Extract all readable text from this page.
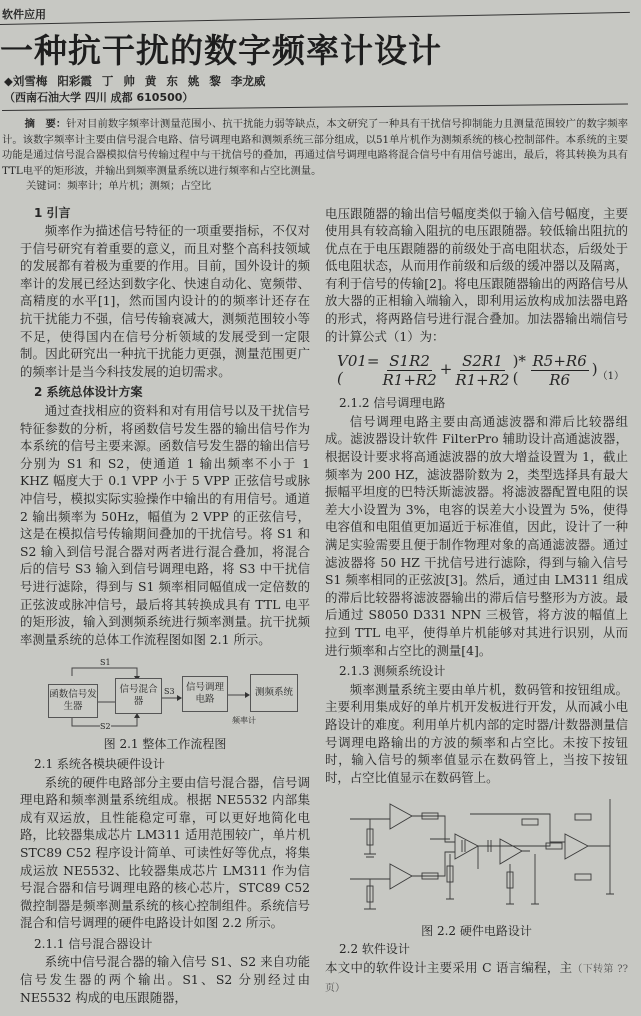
软件应用
一种抗干扰的数字频率计设计
◆刘雪梅 阳彩霞 丁 帅 黄 东 姚 黎 李龙威
（西南石油大学 四川 成都 610500）
摘　要：针对目前数字频率计测量范围小、抗干扰能力弱等缺点，本文研究了一种具有干扰信号抑制能力且测量范围较广的数字频率计。该数字频率计主要由信号混合电路、信号调理电路和测频系统三部分组成，以51单片机作为测频系统的核心控制部件。本系统的主要功能是通过信号混合器模拟信号传输过程中与干扰信号的叠加，再通过信号调理电路将混合信号中有用信号滤出，最后，将其转换为具有TTL电平的矩形波，并输出到频率测量系统以进行频率和占空比测量。
关键词：频率计；单片机；测频；占空比
1 引言

频率作为描述信号特征的一项重要指标，不仅对于信号研究有着重要的意义，而且对整个高科技领域的发展都有着极为重要的作用。目前，国外设计的频率计的发展已经达到数字化、快速自动化、宽频带、高精度的水平[1]，然而国内设计的的频率计还存在抗干扰能力不强，信号传输衰减大，测频范围较小等不足，使得国内在信号分析领域的发展受到一定限制。因此研究出一种抗干扰能力更强，测量范围更广的频率计是当今科技发展的迫切需求。

2 系统总体设计方案

通过查找相应的资料和对有用信号以及干扰信号特征参数的分析，将函数信号发生器的输出信号作为本系统的信号主要来源。函数信号发生器的输出信号分别为 S1 和 S2，使通道 1 输出频率不小于 1 KHZ 幅度大于 0.1 VPP 小于 5 VPP 正弦信号或脉冲信号，模拟实际实验操作中输出的有用信号。通道 2 输出频率为 50Hz，幅值为 2 VPP 的正弦信号，这是在模拟信号传输期间叠加的干扰信号。将 S1 和 S2 输入到信号混合器对两者进行混合叠加，将混合后的信号 S3 输入到信号调理电路，将 S3 中干扰信号进行滤除，得到与 S1 频率相同幅值成一定倍数的正弦波或脉冲信号，最后将其转换成具有 TTL 电平的矩形波，输入到测频系统进行频率测量。抗干扰频率测量系统的总体工作流程图如图 2.1 所示。

函数信号发生器
信号混合器
信号调理电路
测频系统
S1
S2
S3
频率计
图 2.1 整体工作流程图
2.1 系统各模块硬件设计

系统的硬件电路部分主要由信号混合器，信号调理电路和频率测量系统组成。根据 NE5532 内部集成有双运放，且性能稳定可靠，可以更好地简化电路，比较器集成芯片 LM311 适用范围较广，单片机 STC89 C52 程序设计简单、可读性好等优点，将集成运放 NE5532、比较器集成芯片 LM311 作为信号混合器和信号调理电路的核心芯片，STC89 C52 微控制器是频率测量系统的核心控制组件。系统信号混合和信号调理的硬件电路设计如图 2.2 所示。

2.1.1 信号混合器设计

系统中信号混合器的输入信号 S1、S2 来自功能信号发生器的两个输出。S1、S2 分别经过由 NE5532 构成的电压跟随器，

电压跟随器的输出信号幅度类似于输入信号幅度，主要使用具有较高输入阻抗的电压跟随器。较低输出阻抗的优点在于电压跟随器的前级处于高电阻状态，后级处于低电阻状态，从而用作前级和后级的缓冲器以及隔离，有利于信号的传输[2]。将电压跟随器输出的两路信号从放大器的正相输入端输入，即利用运放构成加法器电路的形式，将两路信号进行混合叠加。加法器输出端信号的计算公式（1）为：

V01=(	$\frac{S1R2}{R1+R2} + \frac{S2R1}{R1+R2}$ )*( $\frac{R5+R6}{R6}$ ) （1）
2.1.2 信号调理电路

信号调理电路主要由高通滤波器和滞后比较器组成。滤波器设计软件 FilterPro 辅助设计高通滤波器，根据设计要求将高通滤波器的放大增益设置为 1，截止频率为 200 HZ，滤波器阶数为 2，类型选择具有最大振幅平坦度的巴特沃斯滤波器。将滤波器配置电阻的误差大小设置为 3%，电容的误差大小设置为 5%，使得电容值和电阻值更加逼近于标准值，因此，设计了一种满足实验需要且便于制作物理对象的高通滤波器。通过滤波器将 50 HZ 干扰信号进行滤除，得到与输入信号 S1 频率相同的正弦波[3]。然后，通过由 LM311 组成的滞后比较器将滤波器输出的滞后信号整形为方波。最后通过 S8050 D331 NPN 三极管，将方波的幅值上拉到 TTL 电平，使得单片机能够对其进行识别，从而进行频率和占空比的测量[4]。

2.1.3 测频系统设计

频率测量系统主要由单片机，数码管和按钮组成。主要利用集成好的单片机开发板进行开发，从而减小电路设计的难度。利用单片机内部的定时器/计数器测量信号调理电路输出的方波的频率和占空比。未按下按钮时，输入信号的频率值显示在数码管上，当按下按钮时，占空比值显示在数码管上。

图 2.2 硬件电路设计
2.2 软件设计
本文中的软件设计主要采用 C 语言编程，主（下转第 ?? 页）
